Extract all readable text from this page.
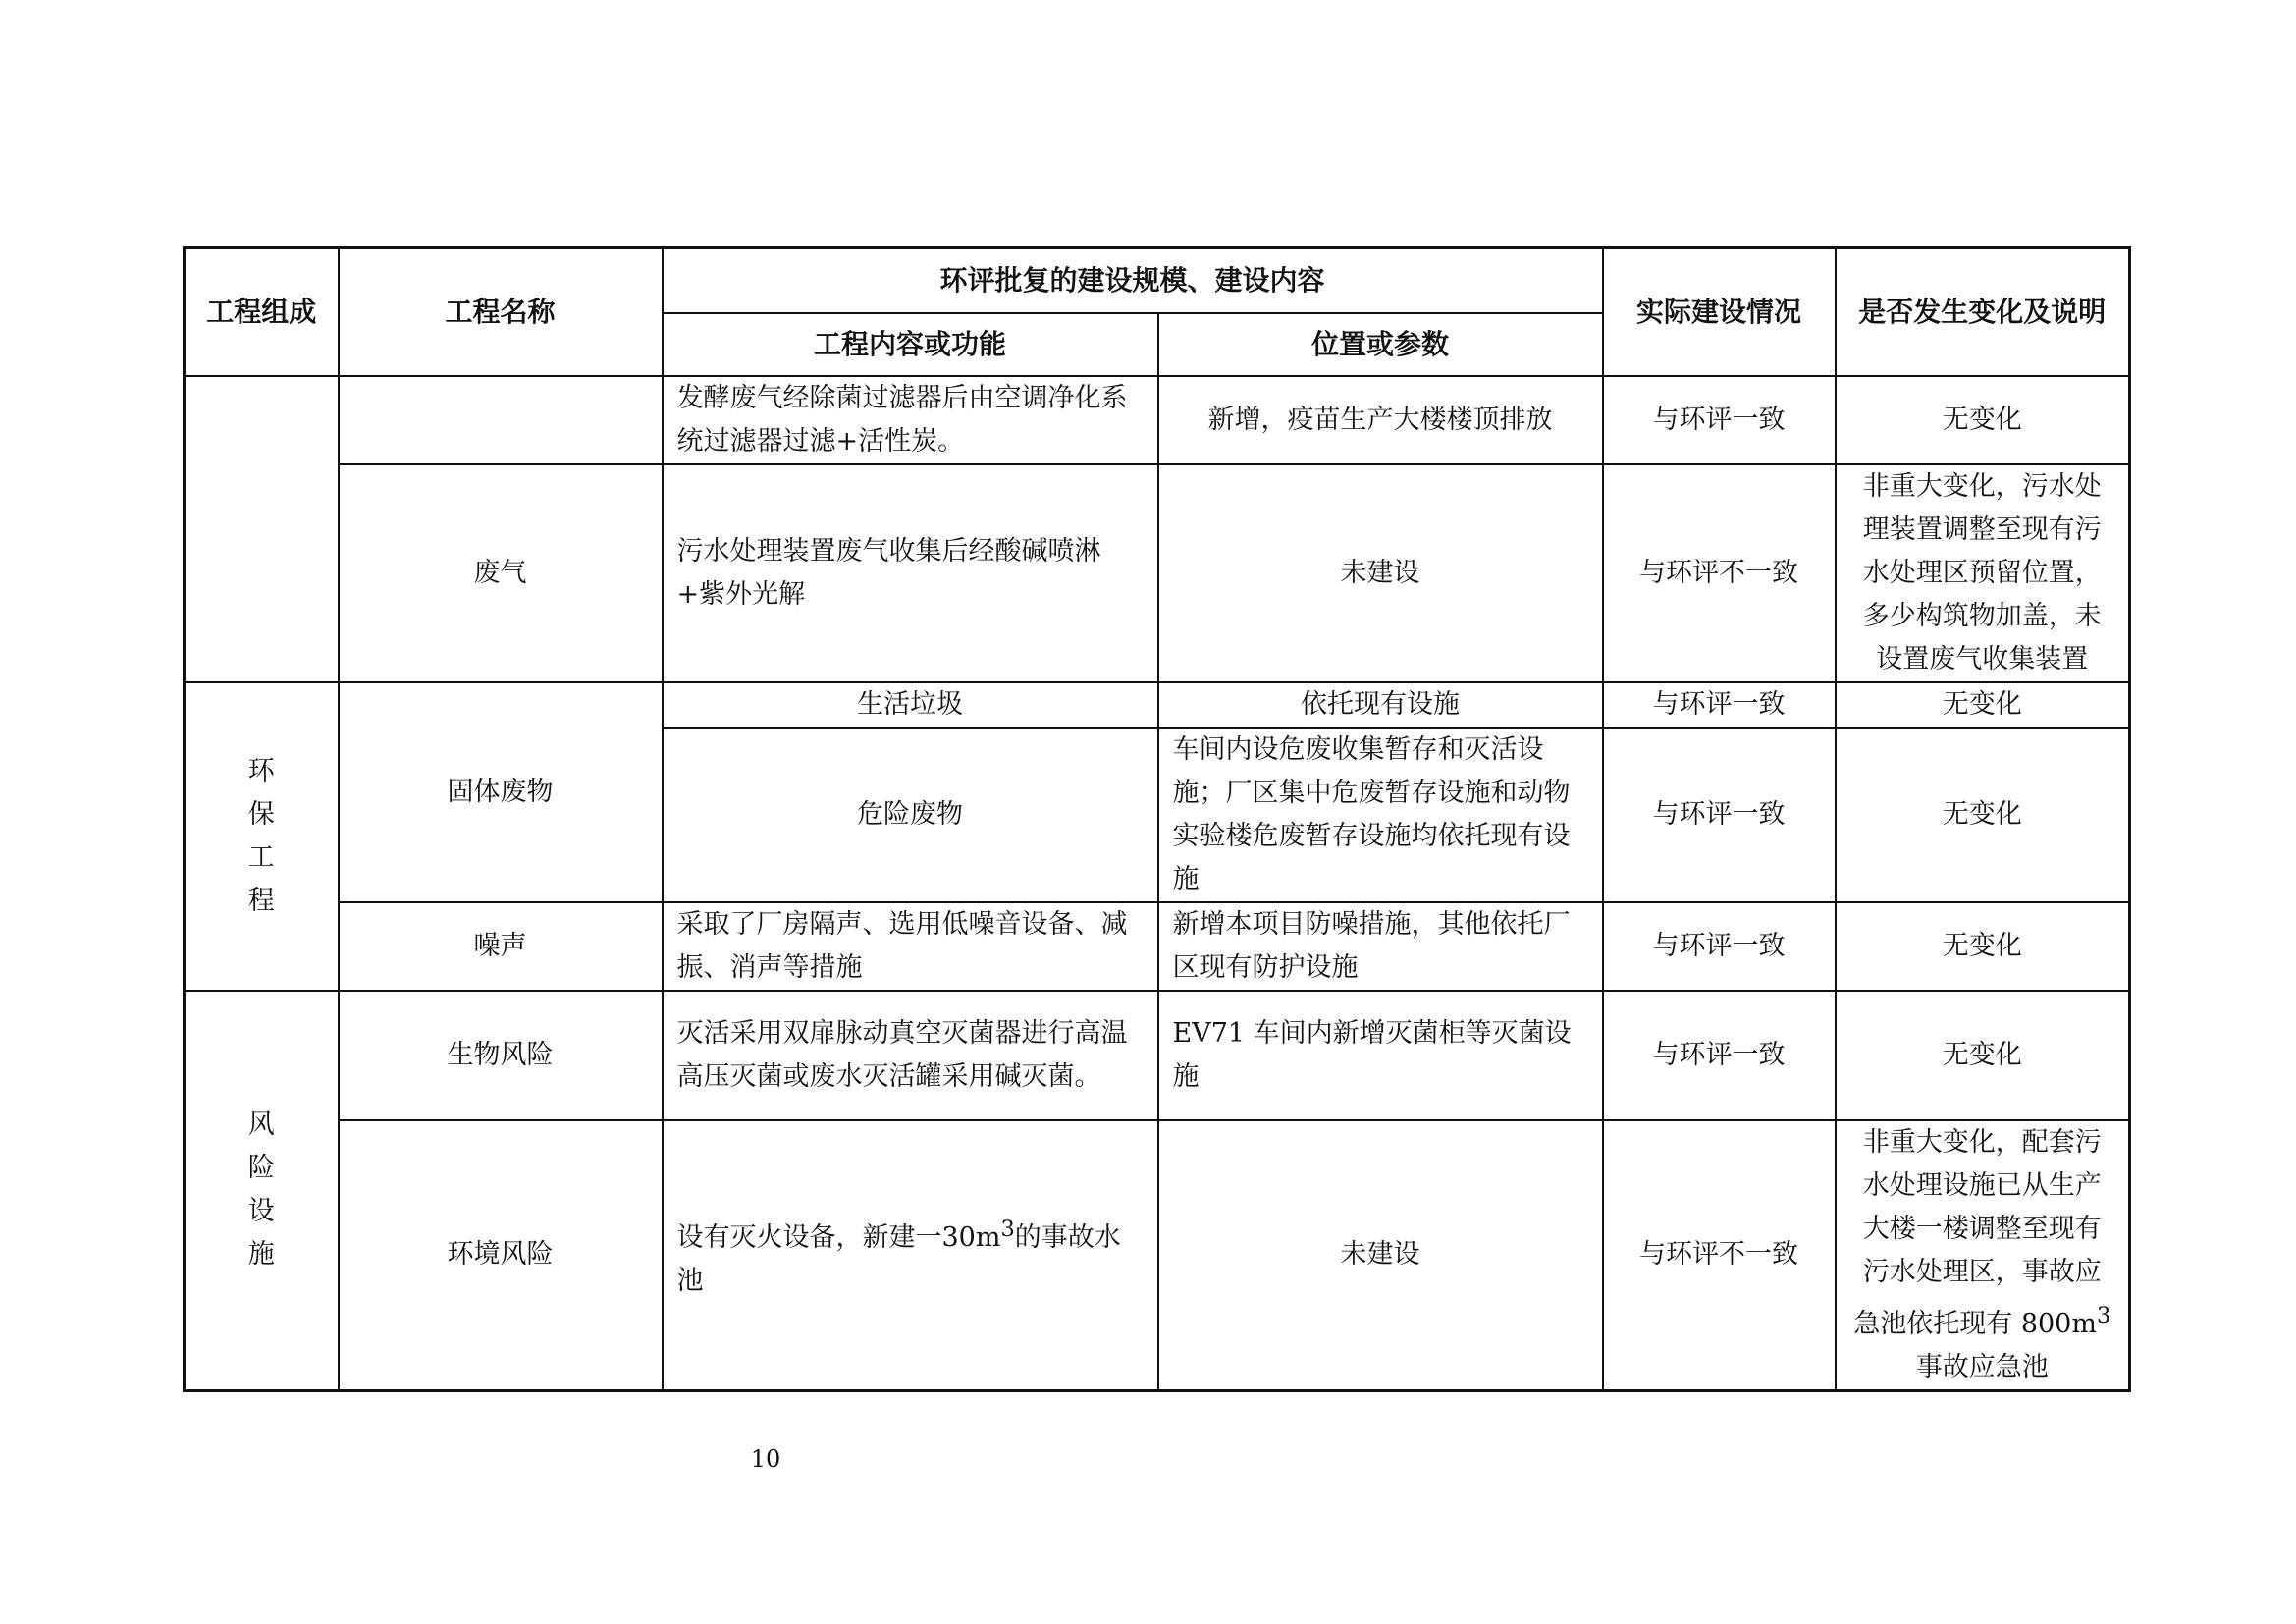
工程组成	工程名称	环评批复的建设规模、建设内容		实际建设情况	是否发生变化及说明
		工程内容或功能	位置或参数		
		发酵废气经除菌过滤器后由空调净化系统过滤器过滤+活性炭。	新增，疫苗生产大楼楼顶排放	与环评一致	无变化
	废气	污水处理装置废气收集后经酸碱喷淋+紫外光解	未建设	与环评不一致	非重大变化，污水处理装置调整至现有污水处理区预留位置，多少构筑物加盖，未设置废气收集装置

环
保
工
程	固体废物	生活垃圾	依托现有设施	与环评一致	无变化
		危险废物	车间内设危废收集暂存和灭活设施；厂区集中危废暂存设施和动物实验楼危废暂存设施均依托现有设施	与环评一致	无变化
	噪声	采取了厂房隔声、选用低噪音设备、减振、消声等措施	新增本项目防噪措施，其他依托厂区现有防护设施	与环评一致	无变化

风
险
设
施	生物风险	灭活采用双扉脉动真空灭菌器进行高温高压灭菌或废水灭活罐采用碱灭菌。	EV71 车间内新增灭菌柜等灭菌设施	与环评一致	无变化
	环境风险	设有灭火设备，新建一$30m^3$的事故水池	未建设	与环评不一致	非重大变化，配套污水处理设施已从生产大楼一楼调整至现有污水处理区，事故应急池依托现有 $800m^3$事故应急池
10
